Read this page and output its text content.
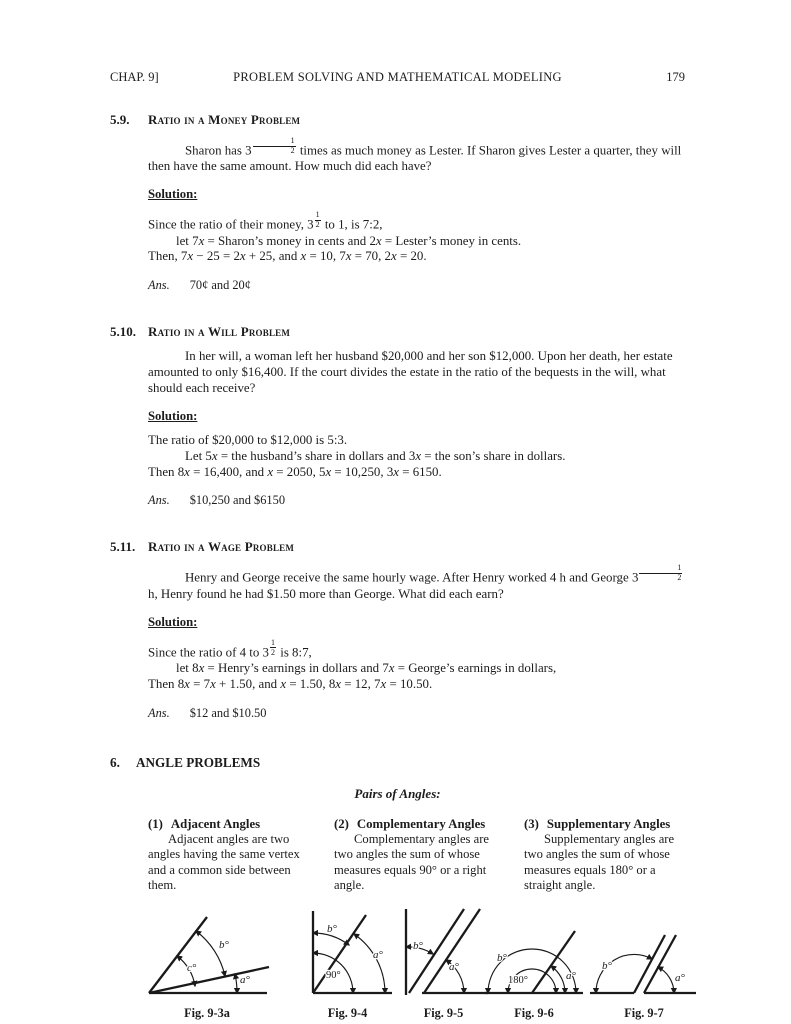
CHAP. 9]	PROBLEM SOLVING AND MATHEMATICAL MODELING	179
5.9. Ratio in a Money Problem

Sharon has $3 \frac{1}{2}$ times as much money as Lester. If Sharon gives Lester a quarter, they will then have the same amount. How much did each have?

Solution:
Since the ratio of their money, $3 \frac{1}{2}$ to 1, is 7:2,
let 7x = Sharon’s money in cents and 2x = Lester’s money in cents.
Then, 7x − 25 = 2x + 25, and x = 10, 7x = 70, 2x = 20.
Ans. 70¢ and 20¢
5.10. Ratio in a Will Problem

In her will, a woman left her husband $20,000 and her son $12,000. Upon her death, her estate amounted to only $16,400. If the court divides the estate in the ratio of the bequests in the will, what should each receive?

Solution:
The ratio of $20,000 to $12,000 is 5:3.
Let 5x = the husband’s share in dollars and 3x = the son’s share in dollars.
Then 8x = 16,400, and x = 2050, 5x = 10,250, 3x = 6150.
Ans. $10,250 and $6150
5.11. Ratio in a Wage Problem

Henry and George receive the same hourly wage. After Henry worked 4 h and George $3 \frac{1}{2}$
h, Henry found he had $1.50 more than George. What did each earn?

Solution:
Since the ratio of 4 to $3 \frac{1}{2}$ is 8:7,
let 8x = Henry’s earnings in dollars and 7x = George’s earnings in dollars,
Then 8x = 7x + 1.50, and x = 1.50, 8x = 12, 7x = 10.50.
Ans. $12 and $10.50
6. ANGLE PROBLEMS
Pairs of Angles:
(1) Adjacent Angles
Adjacent angles are two angles having the same vertex and a common side between them.
(2) Complementary Angles
Complementary angles are two angles the sum of whose measures equals 90° or a right angle.
(3) Supplementary Angles
Supplementary angles are two angles the sum of whose measures equals 180° or a straight angle.
b°
c°
a°
Fig. 9-3a
b°
90°
a°
Fig. 9-4
b°
a°
Fig. 9-5
b°
180°	a°
Fig. 9-6
b°
a°
Fig. 9-7
